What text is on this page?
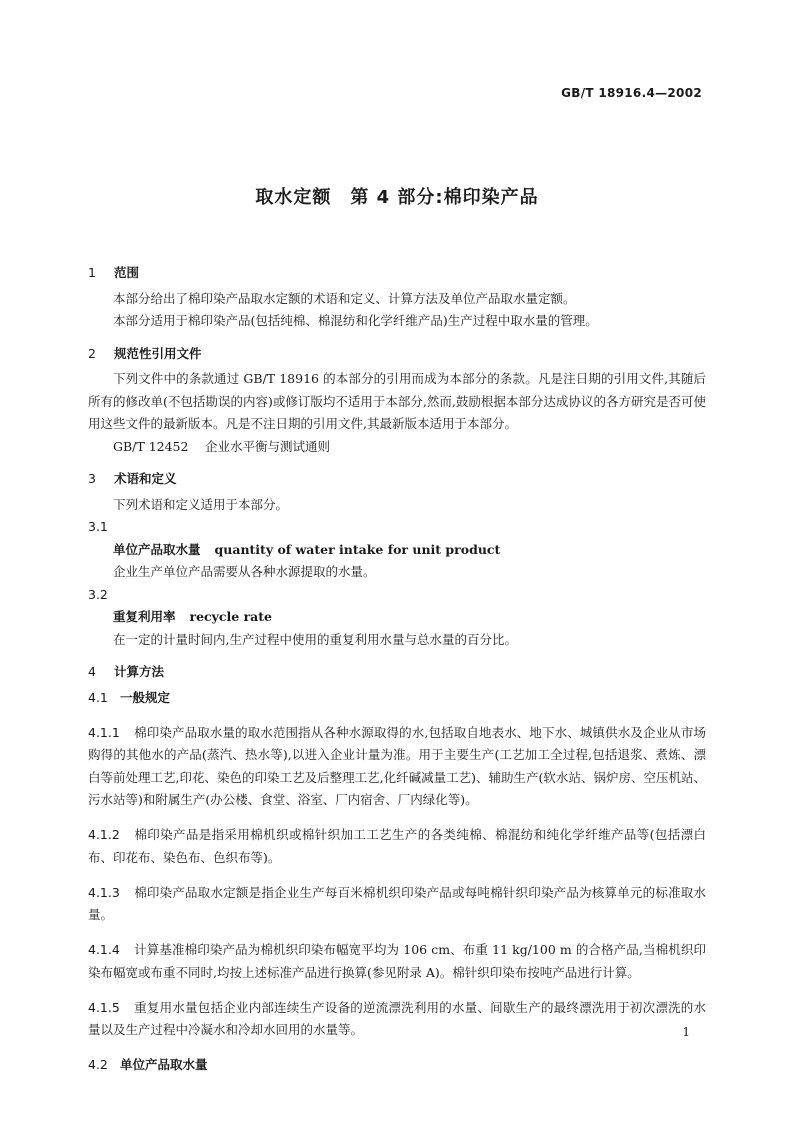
GB/T 18916.4—2002
取水定额　第 4 部分:棉印染产品
1 范围

本部分给出了棉印染产品取水定额的术语和定义、计算方法及单位产品取水量定额。

本部分适用于棉印染产品(包括纯棉、棉混纺和化学纤维产品)生产过程中取水量的管理。

2 规范性引用文件

下列文件中的条款通过 GB/T 18916 的本部分的引用而成为本部分的条款。凡是注日期的引用文件,其随后所有的修改单(不包括勘误的内容)或修订版均不适用于本部分,然而,鼓励根据本部分达成协议的各方研究是否可使用这些文件的最新版本。凡是不注日期的引用文件,其最新版本适用于本部分。

GB/T 12452 企业水平衡与测试通则
3 术语和定义

下列术语和定义适用于本部分。

3.1
单位产品取水量 quantity of water intake for unit product
企业生产单位产品需要从各种水源提取的水量。
3.2
重复利用率 recycle rate
在一定的计量时间内,生产过程中使用的重复利用水量与总水量的百分比。
4 计算方法
4.1 一般规定

4.1.1 棉印染产品取水量的取水范围指从各种水源取得的水,包括取自地表水、地下水、城镇供水及企业从市场购得的其他水的产品(蒸汽、热水等),以进入企业计量为准。用于主要生产(工艺加工全过程,包括退浆、煮炼、漂白等前处理工艺,印花、染色的印染工艺及后整理工艺,化纤碱减量工艺)、辅助生产(软水站、锅炉房、空压机站、污水站等)和附属生产(办公楼、食堂、浴室、厂内宿舍、厂内绿化等)。

4.1.2 棉印染产品是指采用棉机织或棉针织加工工艺生产的各类纯棉、棉混纺和纯化学纤维产品等(包括漂白布、印花布、染色布、色织布等)。

4.1.3 棉印染产品取水定额是指企业生产每百米棉机织印染产品或每吨棉针织印染产品为核算单元的标准取水量。

4.1.4 计算基准棉印染产品为棉机织印染布幅宽平均为 106 cm、布重 11 kg/100 m 的合格产品,当棉机织印染布幅宽或布重不同时,均按上述标准产品进行换算(参见附录 A)。棉针织印染布按吨产品进行计算。

4.1.5 重复用水量包括企业内部连续生产设备的逆流漂洗利用的水量、间歇生产的最终漂洗用于初次漂洗的水量以及生产过程中冷凝水和冷却水回用的水量等。

4.2 单位产品取水量
1
